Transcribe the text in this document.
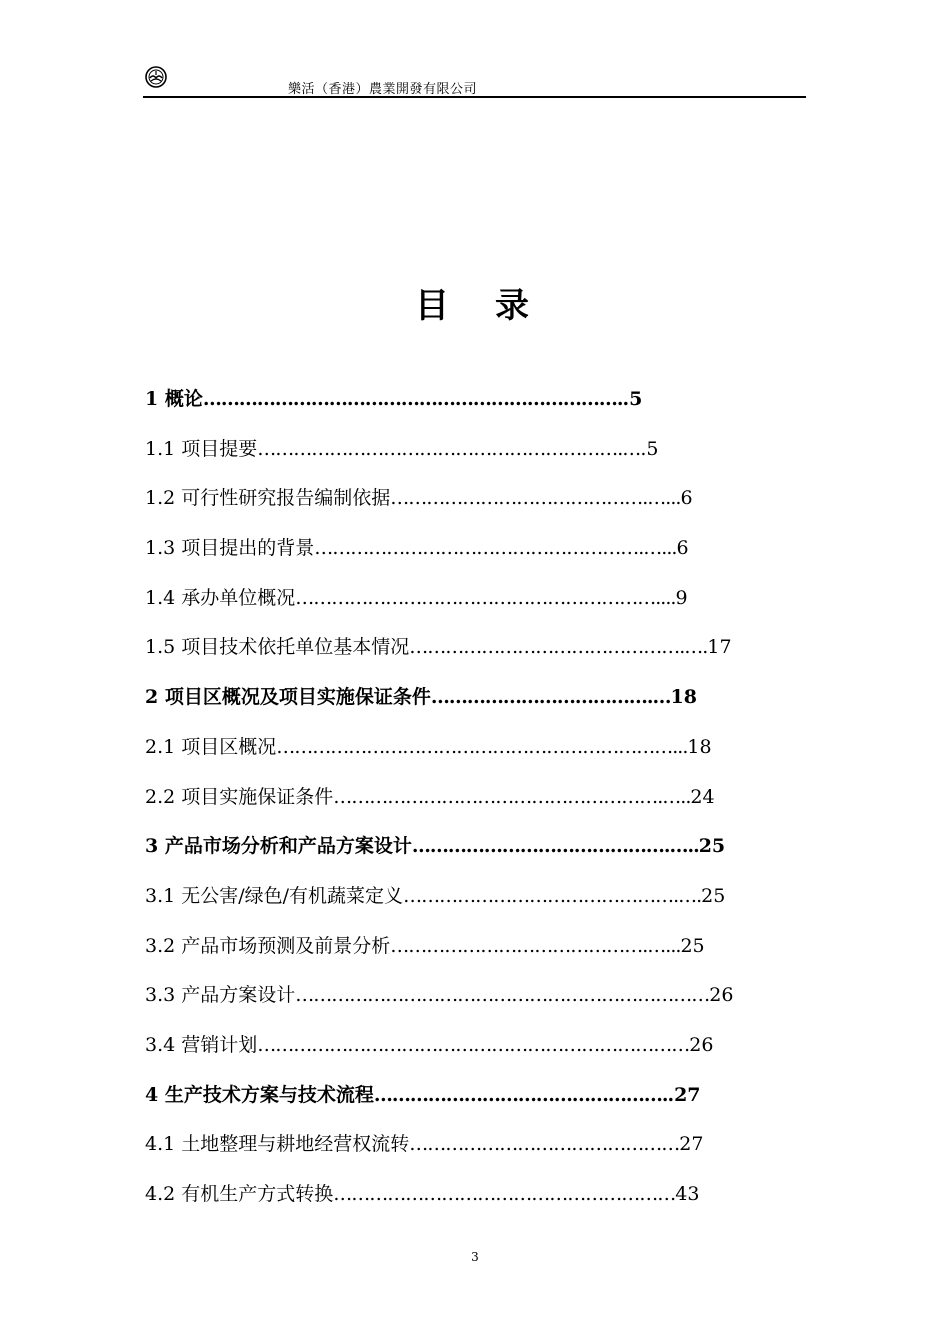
樂活（香港）農業開發有限公司
目　录
1 概论……………………………………………………………..5
1.1 项目提要…………………………………………………….….5
1.2 可行性研究报告编制依据…………………………………….…...6
1.3 项目提出的背景……………………………………………….…...6
1.4 承办单位概况……………………………………………………....9
1.5 项目技术依托单位基本情况……………………………………….….17
2 项目区概况及项目实施保证条件……………………………….…18
2.1 项目区概况…………………………………………………………...18
2.2 项目实施保证条件……………………………………………….…..24
3 产品市场分析和产品方案设计…………………………………….…..25
3.1 无公害/绿色/有机蔬菜定义……………………………………….….25
3.2 产品市场预测及前景分析…………………………………….…...25
3.3 产品方案设计……………………………………………………………26
3.4 营销计划………………………………………………………………26
4 生产技术方案与技术流程…………………………………………..27
4.1 土地整理与耕地经营权流转………………………………………27
4.2 有机生产方式转换…………………………………………………43
3
